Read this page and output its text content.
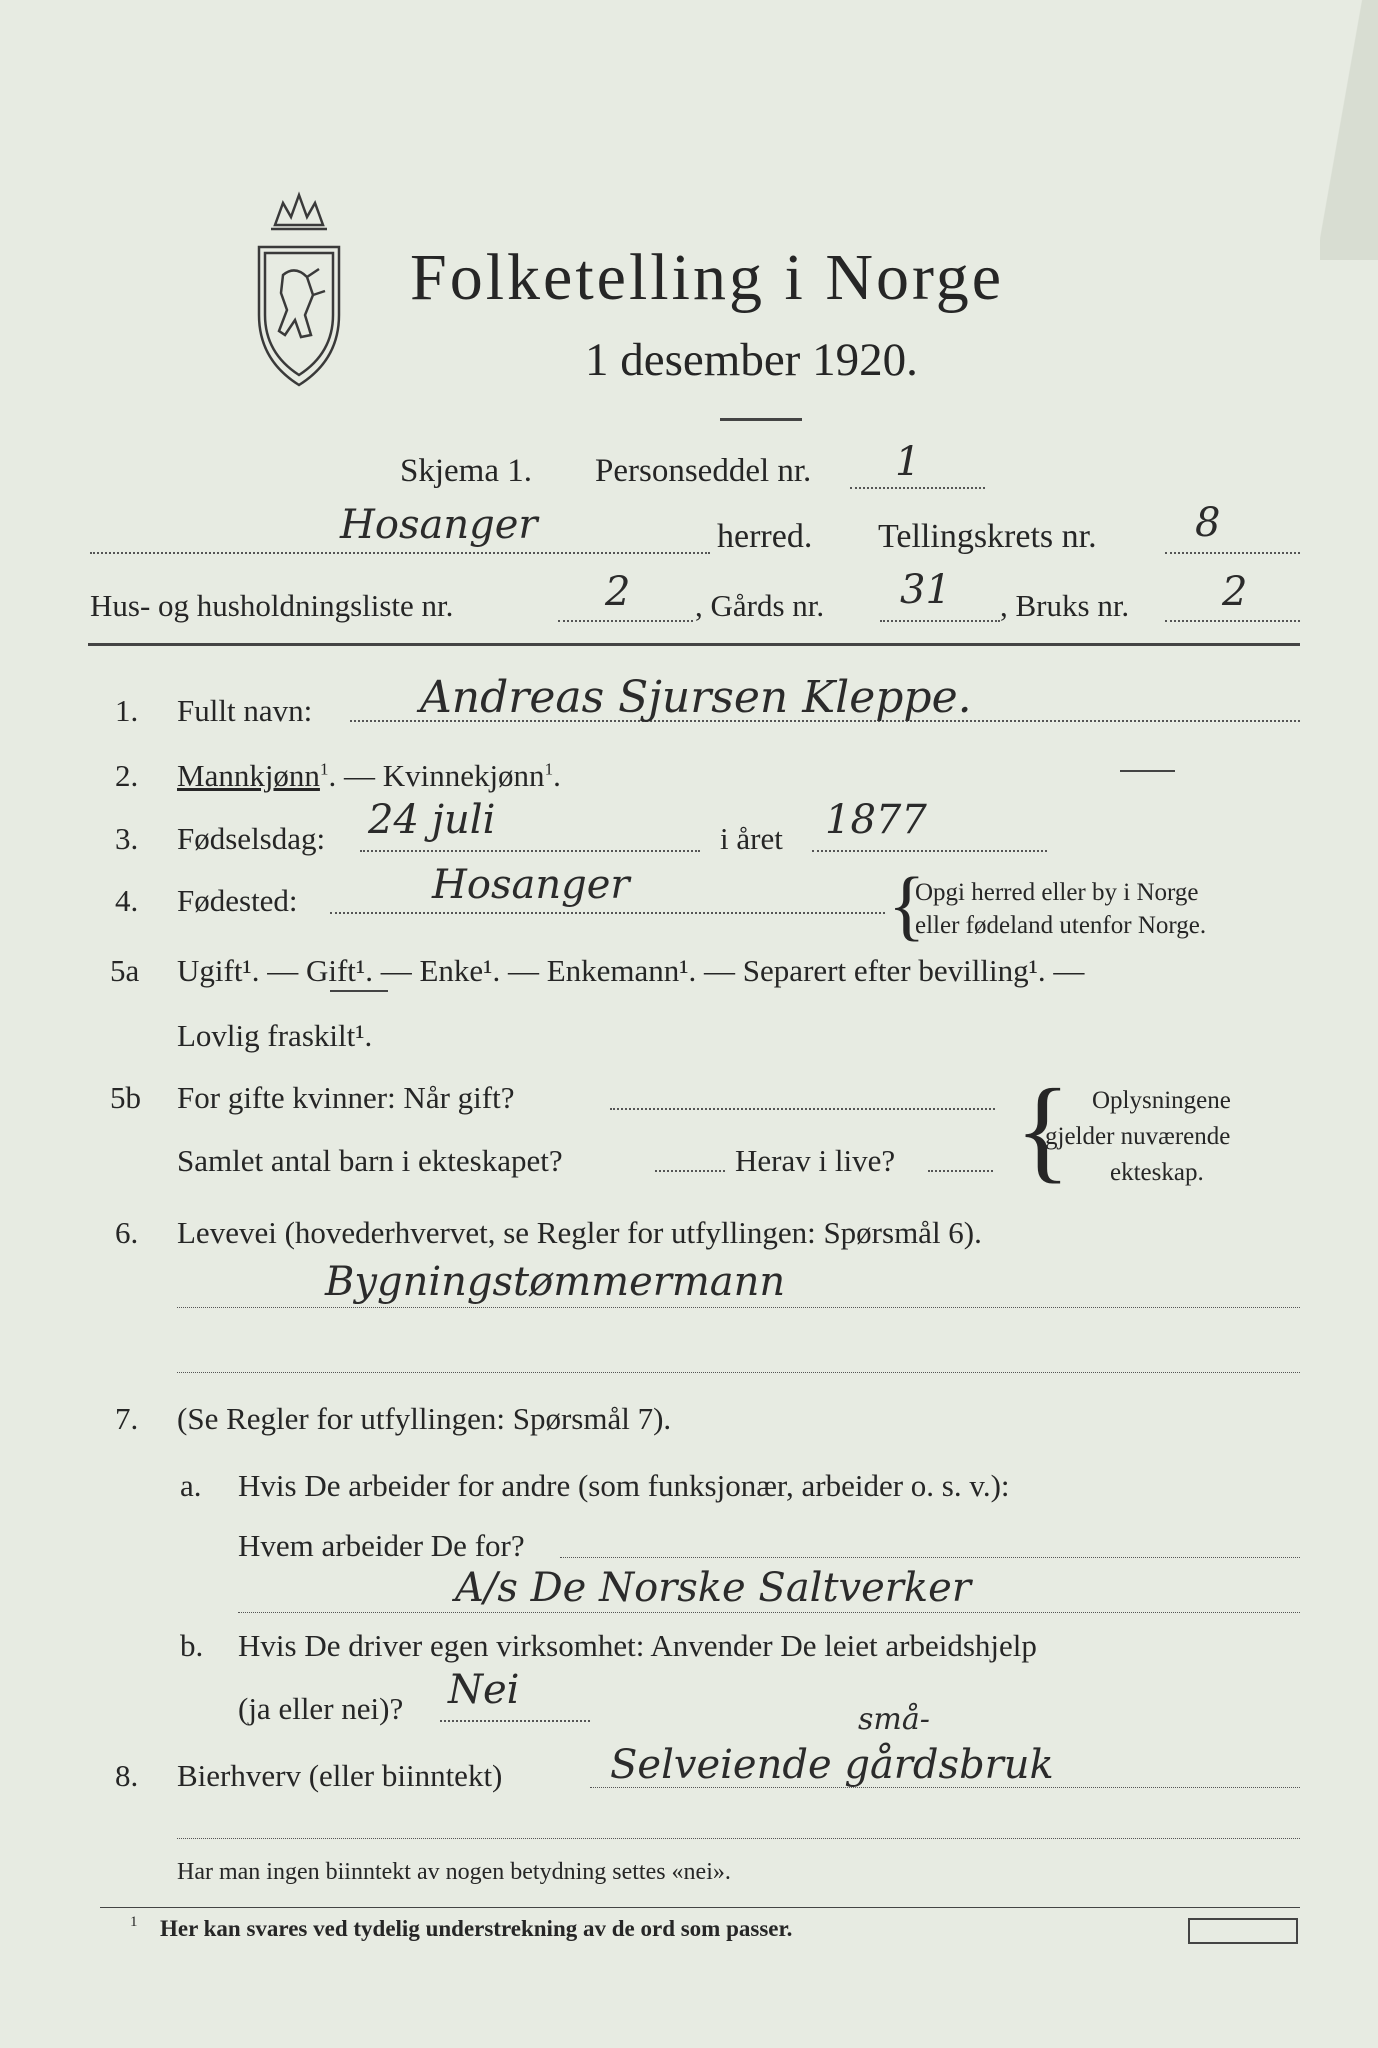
Folketelling i Norge
1 desember 1920.
Skjema 1. Personseddel nr. 1
Hosanger	herred. Tellingskrets nr. 8
Hus- og husholdningsliste nr.	2 , Gårds nr. 31 , Bruks nr. 2
1. Fullt navn: Andreas Sjursen Kleppe.
2. Mannkjønn$^1$. — Kvinnekjønn$^1$.
3. Fødselsdag: 24 juli	i året 1877
4. Fødested:	Hosanger	{
Opgi herred eller by i Norge
eller fødeland utenfor Norge.
5a Ugift¹. — Gift¹. — Enke¹. — Enkemann¹. — Separert efter bevilling¹. —
Lovlig fraskilt¹.
5b For gifte kvinner: Når gift?
Samlet antal barn i ekteskapet?	Herav i live? { Oplysningene
gjelder nuværende
ekteskap.
6. Levevei (hovederhvervet, se Regler for utfyllingen: Spørsmål 6).
Bygningstømmermann
7. (Se Regler for utfyllingen: Spørsmål 7).
a. Hvis De arbeider for andre (som funksjonær, arbeider o. s. v.):
Hvem arbeider De for?
A/s De Norske Saltverker
b. Hvis De driver egen virksomhet: Anvender De leiet arbeidshjelp
(ja eller nei)? Nei
8. Bierhverv (eller biinntekt)	Selveiende gårdsbruk
små-
Har man ingen biinntekt av nogen betydning settes «nei».
1 Her kan svares ved tydelig understrekning av de ord som passer.
